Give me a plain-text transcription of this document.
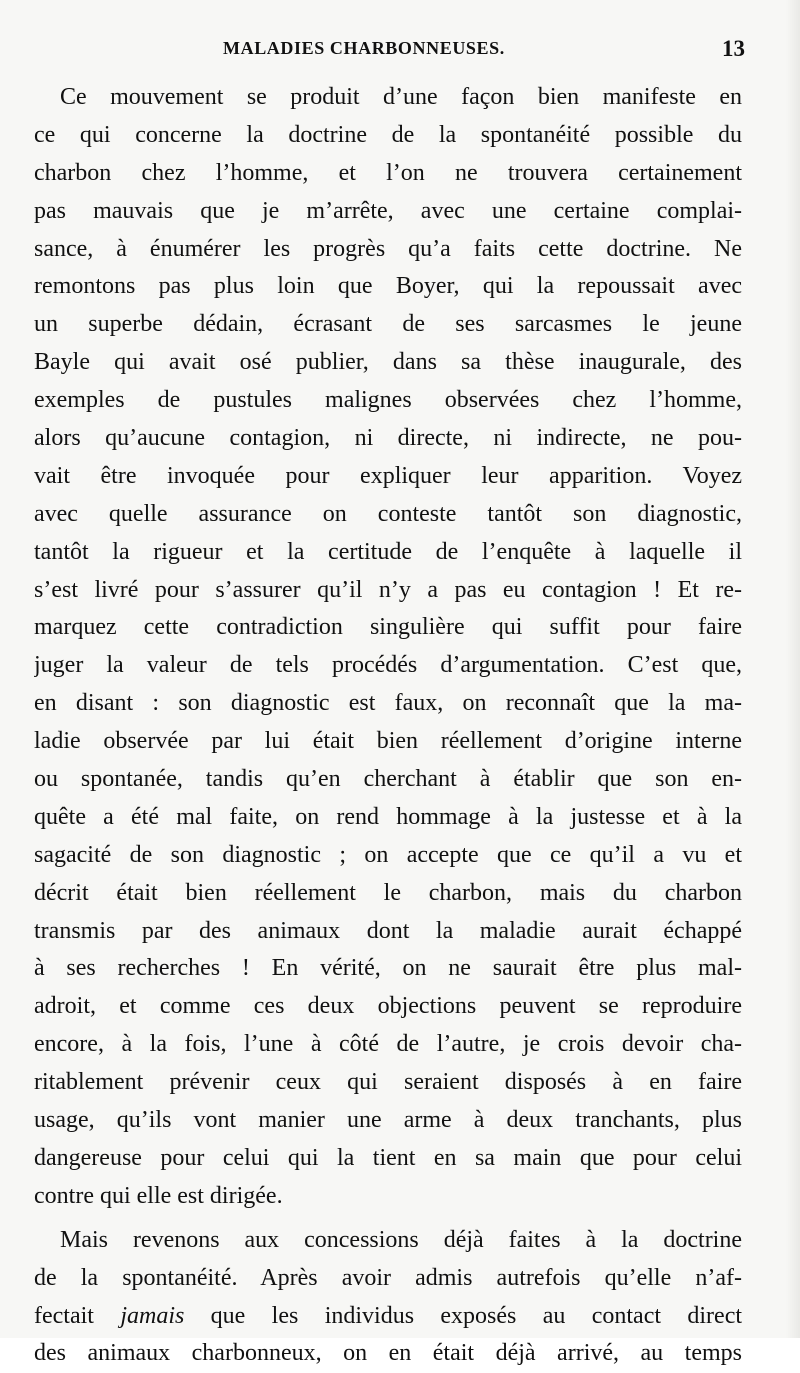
MALADIES CHARBONNEUSES.	13
Ce mouvement se produit d’une façon bien manifeste en
ce qui concerne la doctrine de la spontanéité possible du
charbon chez l’homme, et l’on ne trouvera certainement
pas mauvais que je m’arrête, avec une certaine complai-
sance, à énumérer les progrès qu’a faits cette doctrine. Ne
remontons pas plus loin que Boyer, qui la repoussait avec
un superbe dédain, écrasant de ses sarcasmes le jeune
Bayle qui avait osé publier, dans sa thèse inaugurale, des
exemples de pustules malignes observées chez l’homme,
alors qu’aucune contagion, ni directe, ni indirecte, ne pou-
vait être invoquée pour expliquer leur apparition. Voyez
avec quelle assurance on conteste tantôt son diagnostic,
tantôt la rigueur et la certitude de l’enquête à laquelle il
s’est livré pour s’assurer qu’il n’y a pas eu contagion ! Et re-
marquez cette contradiction singulière qui suffit pour faire
juger la valeur de tels procédés d’argumentation. C’est que,
en disant : son diagnostic est faux, on reconnaît que la ma-
ladie observée par lui était bien réellement d’origine interne
ou spontanée, tandis qu’en cherchant à établir que son en-
quête a été mal faite, on rend hommage à la justesse et à la
sagacité de son diagnostic ; on accepte que ce qu’il a vu et
décrit était bien réellement le charbon, mais du charbon
transmis par des animaux dont la maladie aurait échappé
à ses recherches ! En vérité, on ne saurait être plus mal-
adroit, et comme ces deux objections peuvent se reproduire
encore, à la fois, l’une à côté de l’autre, je crois devoir cha-
ritablement prévenir ceux qui seraient disposés à en faire
usage, qu’ils vont manier une arme à deux tranchants, plus
dangereuse pour celui qui la tient en sa main que pour celui
contre qui elle est dirigée.
Mais revenons aux concessions déjà faites à la doctrine
de la spontanéité. Après avoir admis autrefois qu’elle n’af-
fectait jamais que les individus exposés au contact direct
des animaux charbonneux, on en était déjà arrivé, au temps
